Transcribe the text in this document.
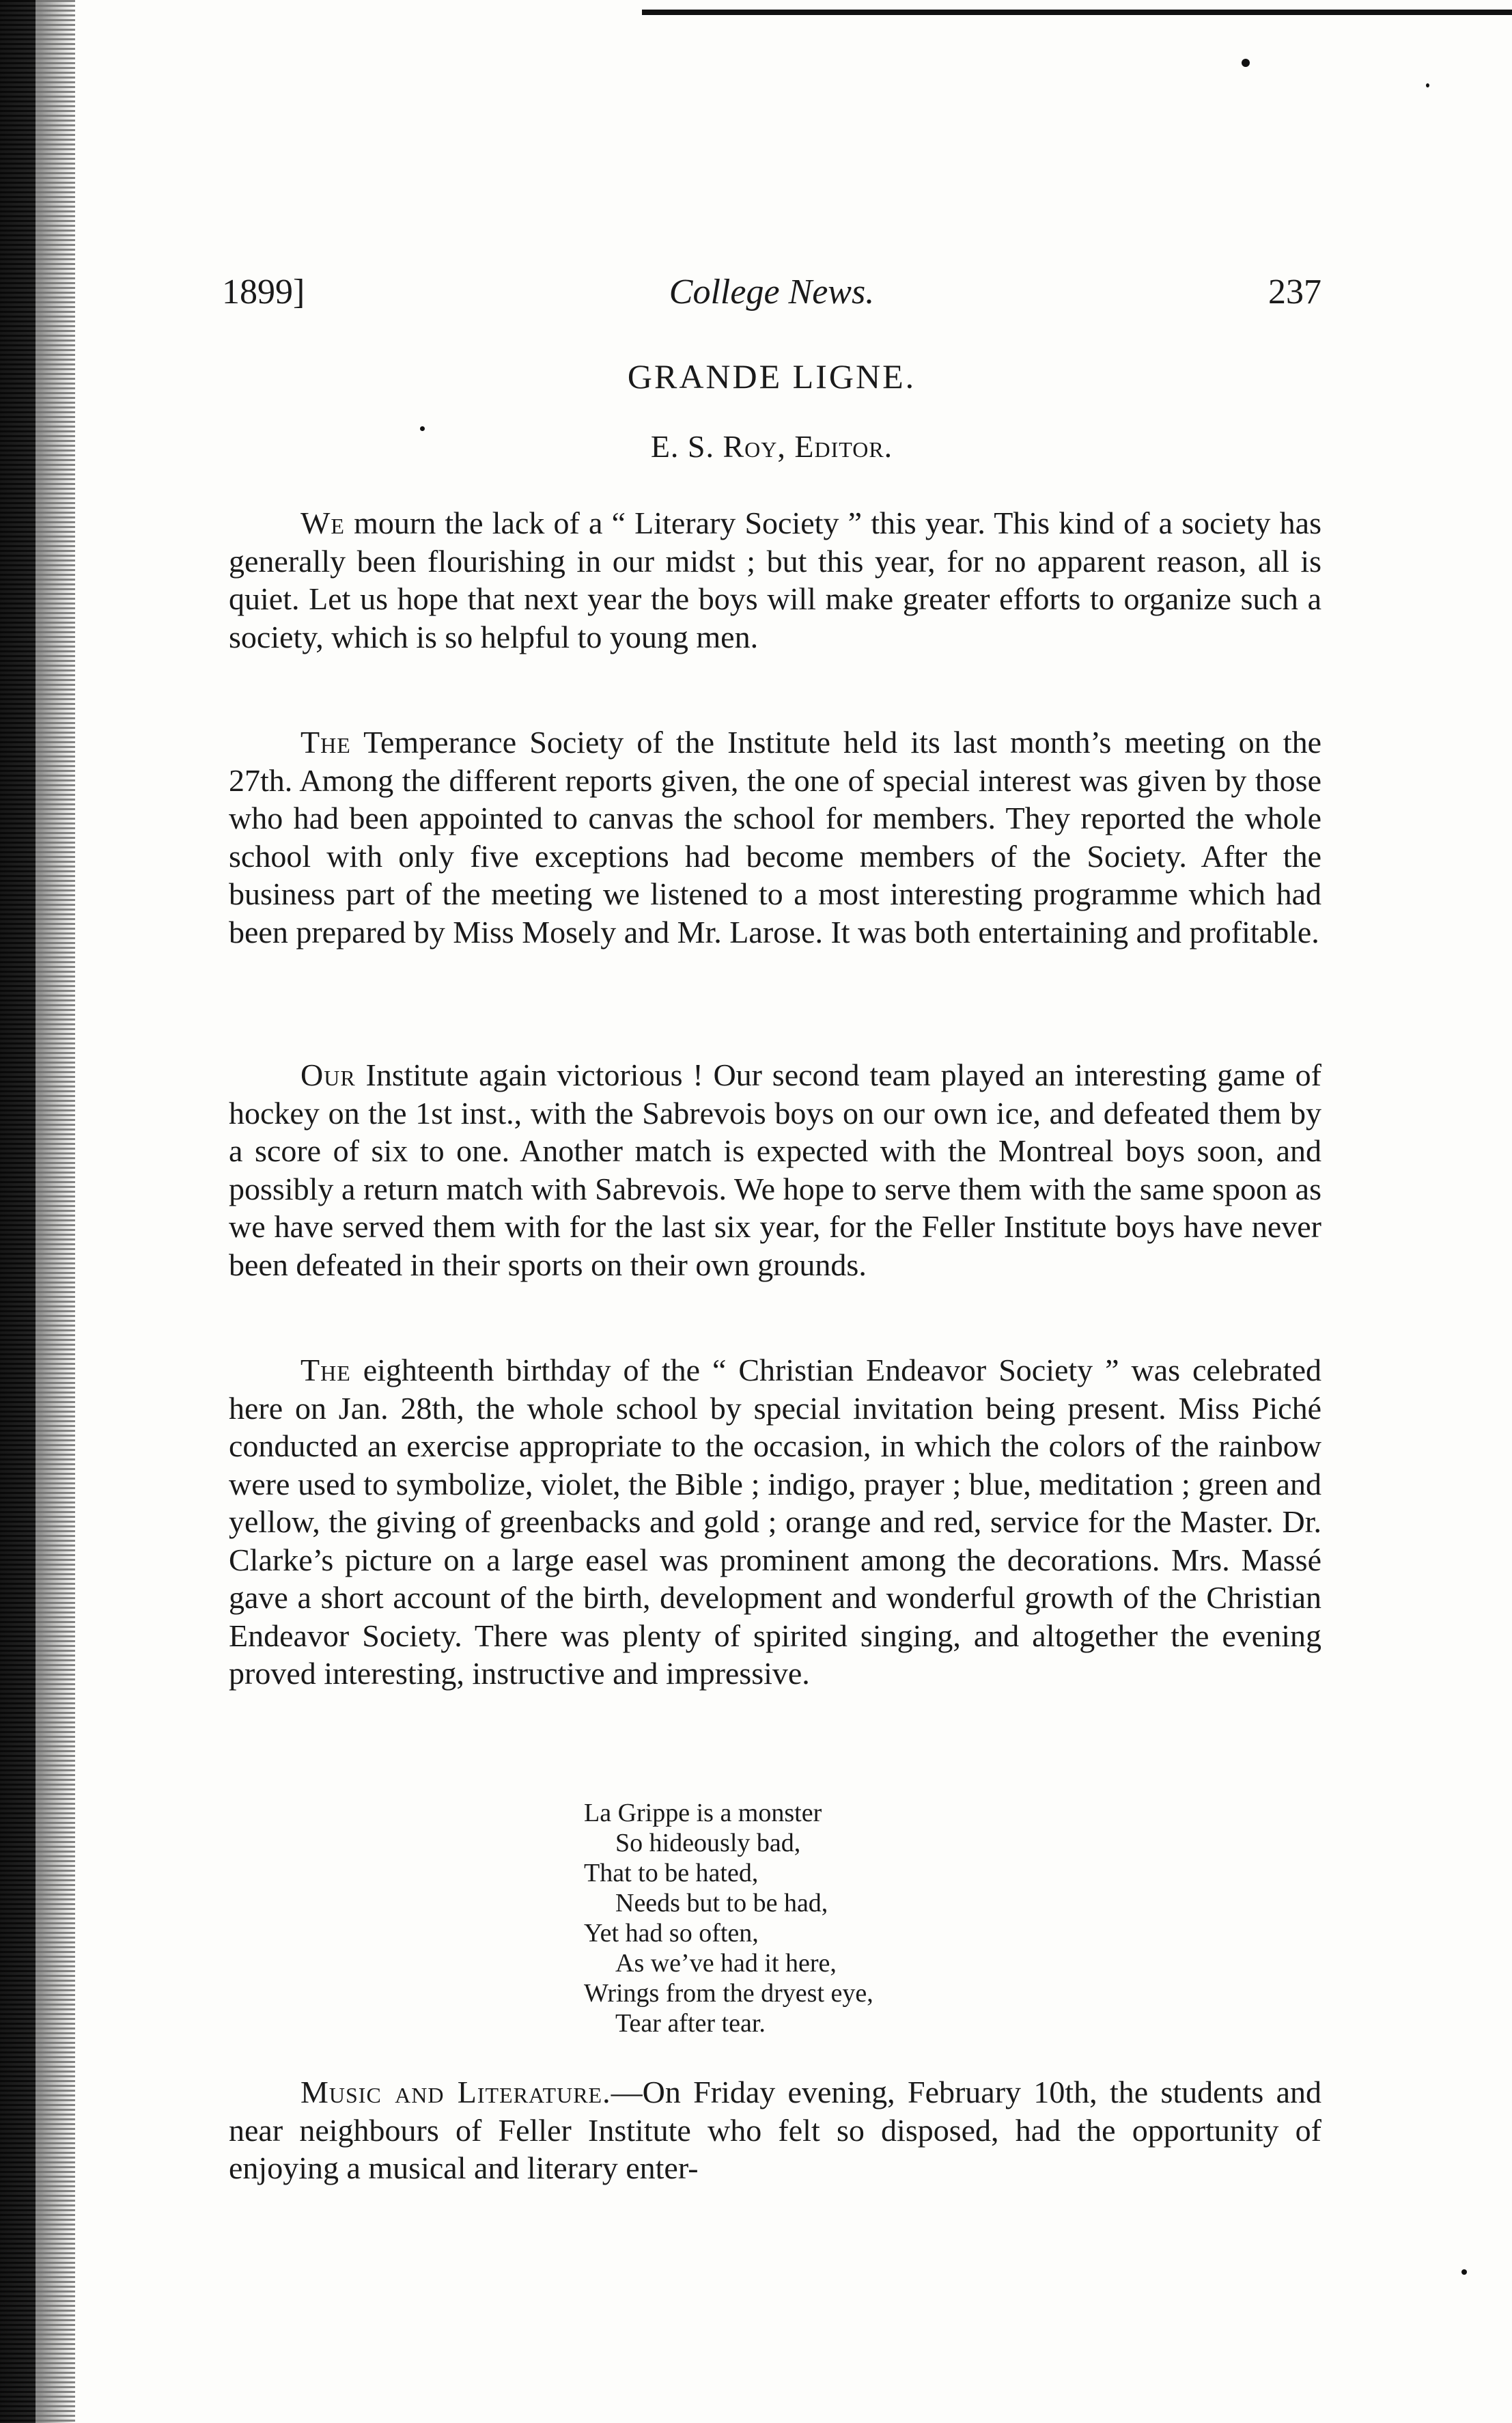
1899]	College News.	237
GRANDE LIGNE.
E. S. Roy, Editor.

We mourn the lack of a “ Literary Society ” this year. This kind of a society has generally been flourishing in our midst ; but this year, for no apparent reason, all is quiet. Let us hope that next year the boys will make greater efforts to organize such a society, which is so helpful to young men.

The Temperance Society of the Institute held its last month’s meeting on the 27th. Among the different reports given, the one of special interest was given by those who had been appointed to canvas the school for members. They reported the whole school with only five exceptions had become members of the Society. After the business part of the meeting we listened to a most interesting programme which had been prepared by Miss Mosely and Mr. Larose. It was both entertaining and profitable.

Our Institute again victorious ! Our second team played an interesting game of hockey on the 1st inst., with the Sabrevois boys on our own ice, and defeated them by a score of six to one. Another match is expected with the Montreal boys soon, and possibly a return match with Sabrevois. We hope to serve them with the same spoon as we have served them with for the last six year, for the Feller Institute boys have never been defeated in their sports on their own grounds.

The eighteenth birthday of the “ Christian Endeavor Society ” was celebrated here on Jan. 28th, the whole school by special invitation being present. Miss Piché conducted an exercise appropriate to the occasion, in which the colors of the rainbow were used to symbolize, violet, the Bible ; indigo, prayer ; blue, meditation ; green and yellow, the giving of greenbacks and gold ; orange and red, service for the Master. Dr. Clarke’s picture on a large easel was prominent among the decorations. Mrs. Massé gave a short account of the birth, development and wonderful growth of the Christian Endeavor Society. There was plenty of spirited singing, and altogether the evening proved interesting, instructive and impressive.

La Grippe is a monster
So hideously bad,
That to be hated,
Needs but to be had,
Yet had so often,
As we’ve had it here,
Wrings from the dryest eye,
Tear after tear.

Music and Literature.—On Friday evening, February 10th, the students and near neighbours of Feller Institute who felt so disposed, had the opportunity of enjoying a musical and literary enter-
